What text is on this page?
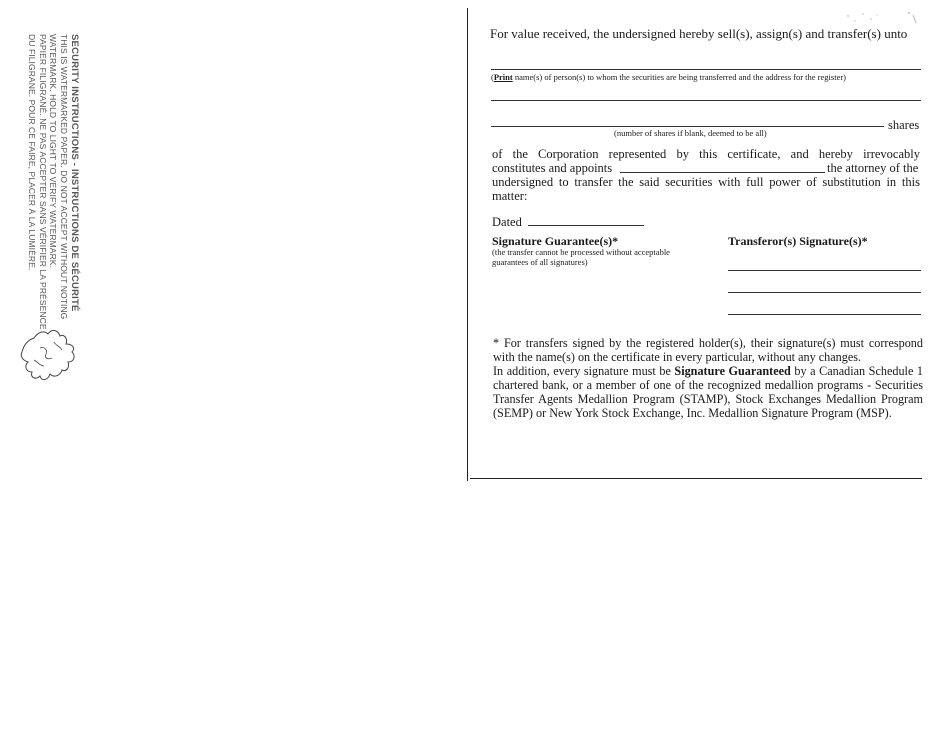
SECURITY INSTRUCTIONS - INSTRUCTIONS DE SÉCURITÉ
THIS IS WATERMARKED PAPER. DO NOT ACCEPT WITHOUT NOTING
WATERMARK. HOLD TO LIGHT TO VERIFY WATERMARK.
PAPIER FILIGRANÉ. NE PAS ACCEPTER SANS VÉRIFIER LA PRÉSENCE
DU FILIGRANE. POUR CE FAIRE, PLACER À LA LUMIÈRE.
For value received, the undersigned hereby sell(s), assign(s) and transfer(s) unto
(Print name(s) of person(s) to whom the securities are being transferred and the address for the register)
shares
(number of shares if blank, deemed to be all)
of the Corporation represented by this certificate, and hereby irrevocably
constitutes and appoints	the attorney of the
undersigned to transfer the said securities with full power of substitution in this
matter:
Dated
Signature Guarantee(s)*
(the transfer cannot be processed without acceptable guarantees of all signatures)
Transferor(s) Signature(s)*

* For transfers signed by the registered holder(s), their signature(s) must correspond with the name(s) on the certificate in every particular, without any changes.

In addition, every signature must be Signature Guaranteed by a Canadian Schedule 1 chartered bank, or a member of one of the recognized medallion programs - Securities Transfer Agents Medallion Program (STAMP), Stock Exchanges Medallion Program (SEMP) or New York Stock Exchange, Inc. Medallion Signature Program (MSP).
